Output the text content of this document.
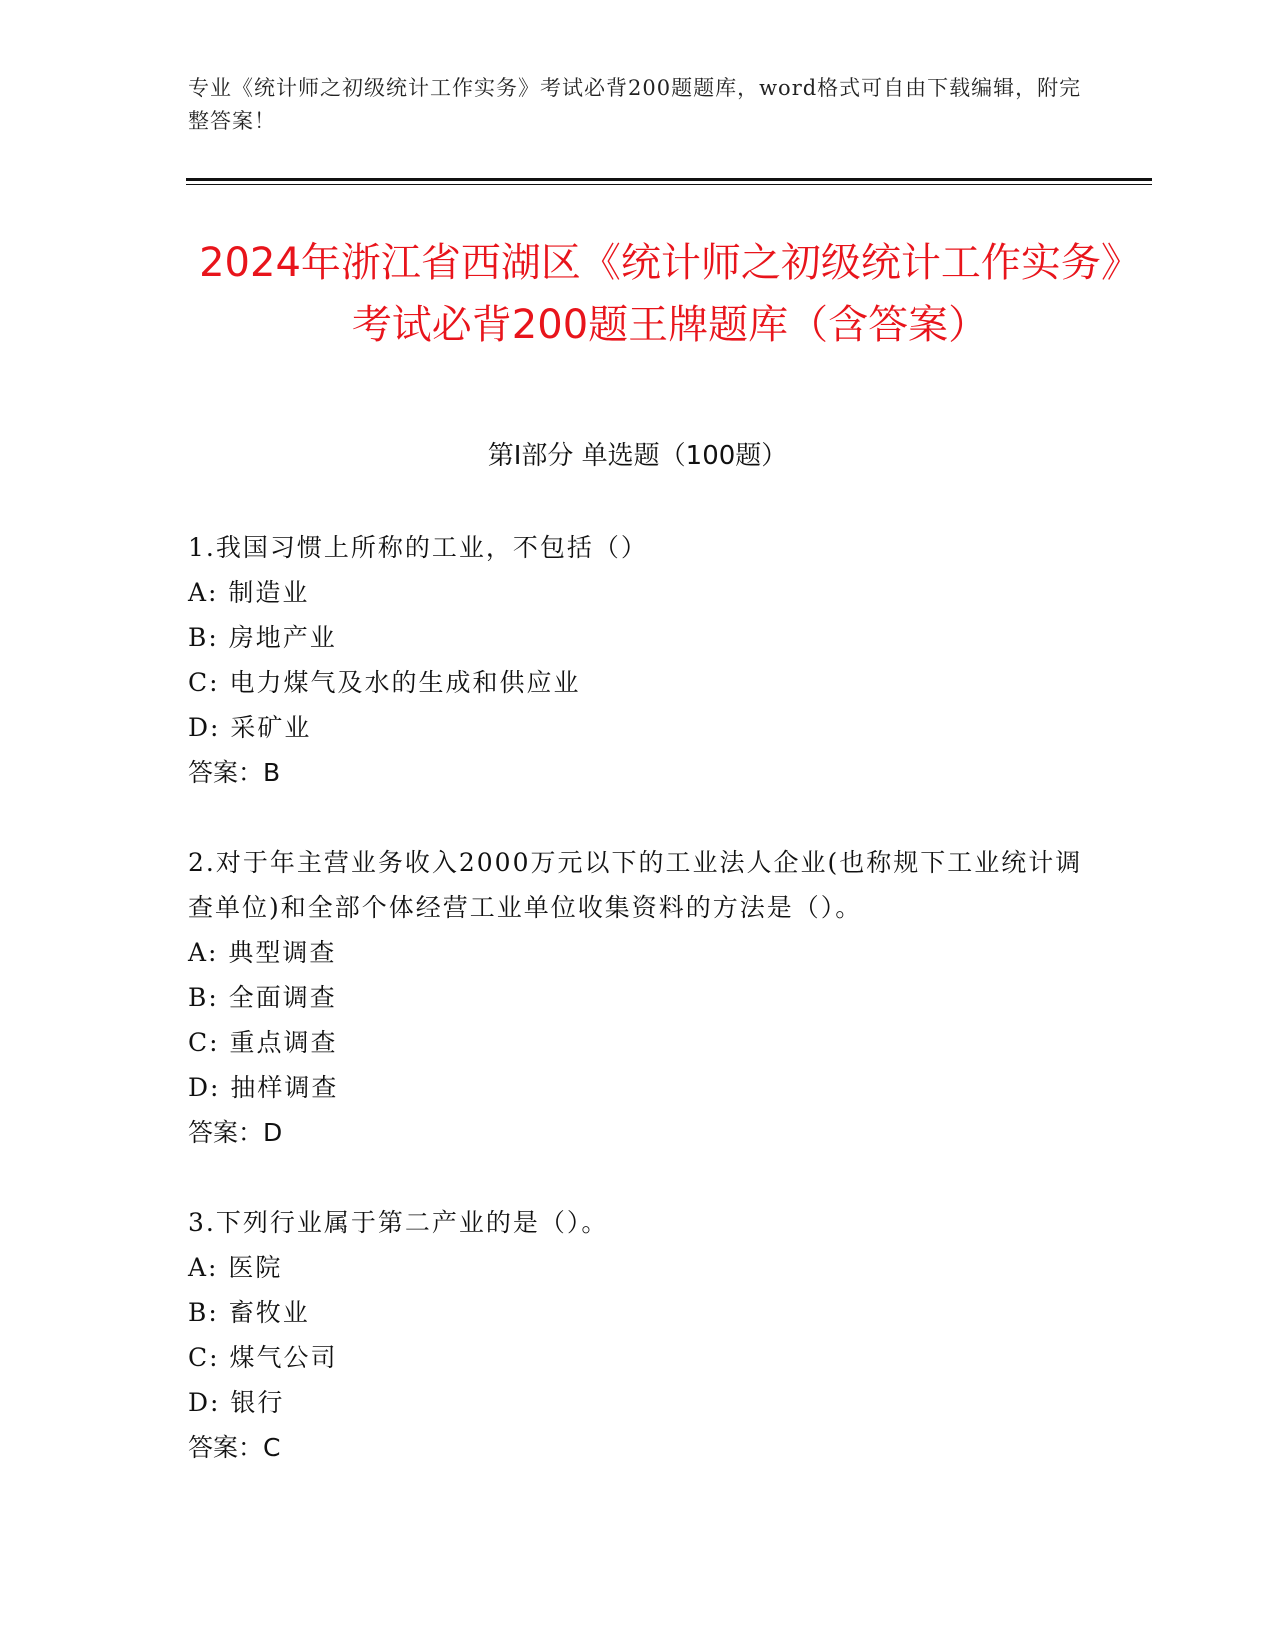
专业《统计师之初级统计工作实务》考试必背200题题库，word格式可自由下载编辑，附完整答案！
2024年浙江省西湖区《统计师之初级统计工作实务》考试必背200题王牌题库（含答案）
第Ⅰ部分 单选题（100题）
1.我国习惯上所称的工业，不包括（）
A: 制造业
B: 房地产业
C: 电力煤气及水的生成和供应业
D: 采矿业
答案：B
2.对于年主营业务收入2000万元以下的工业法人企业(也称规下工业统计调查单位)和全部个体经营工业单位收集资料的方法是（）。
A: 典型调查
B: 全面调查
C: 重点调查
D: 抽样调查
答案：D
3.下列行业属于第二产业的是（）。
A: 医院
B: 畜牧业
C: 煤气公司
D: 银行
答案：C
